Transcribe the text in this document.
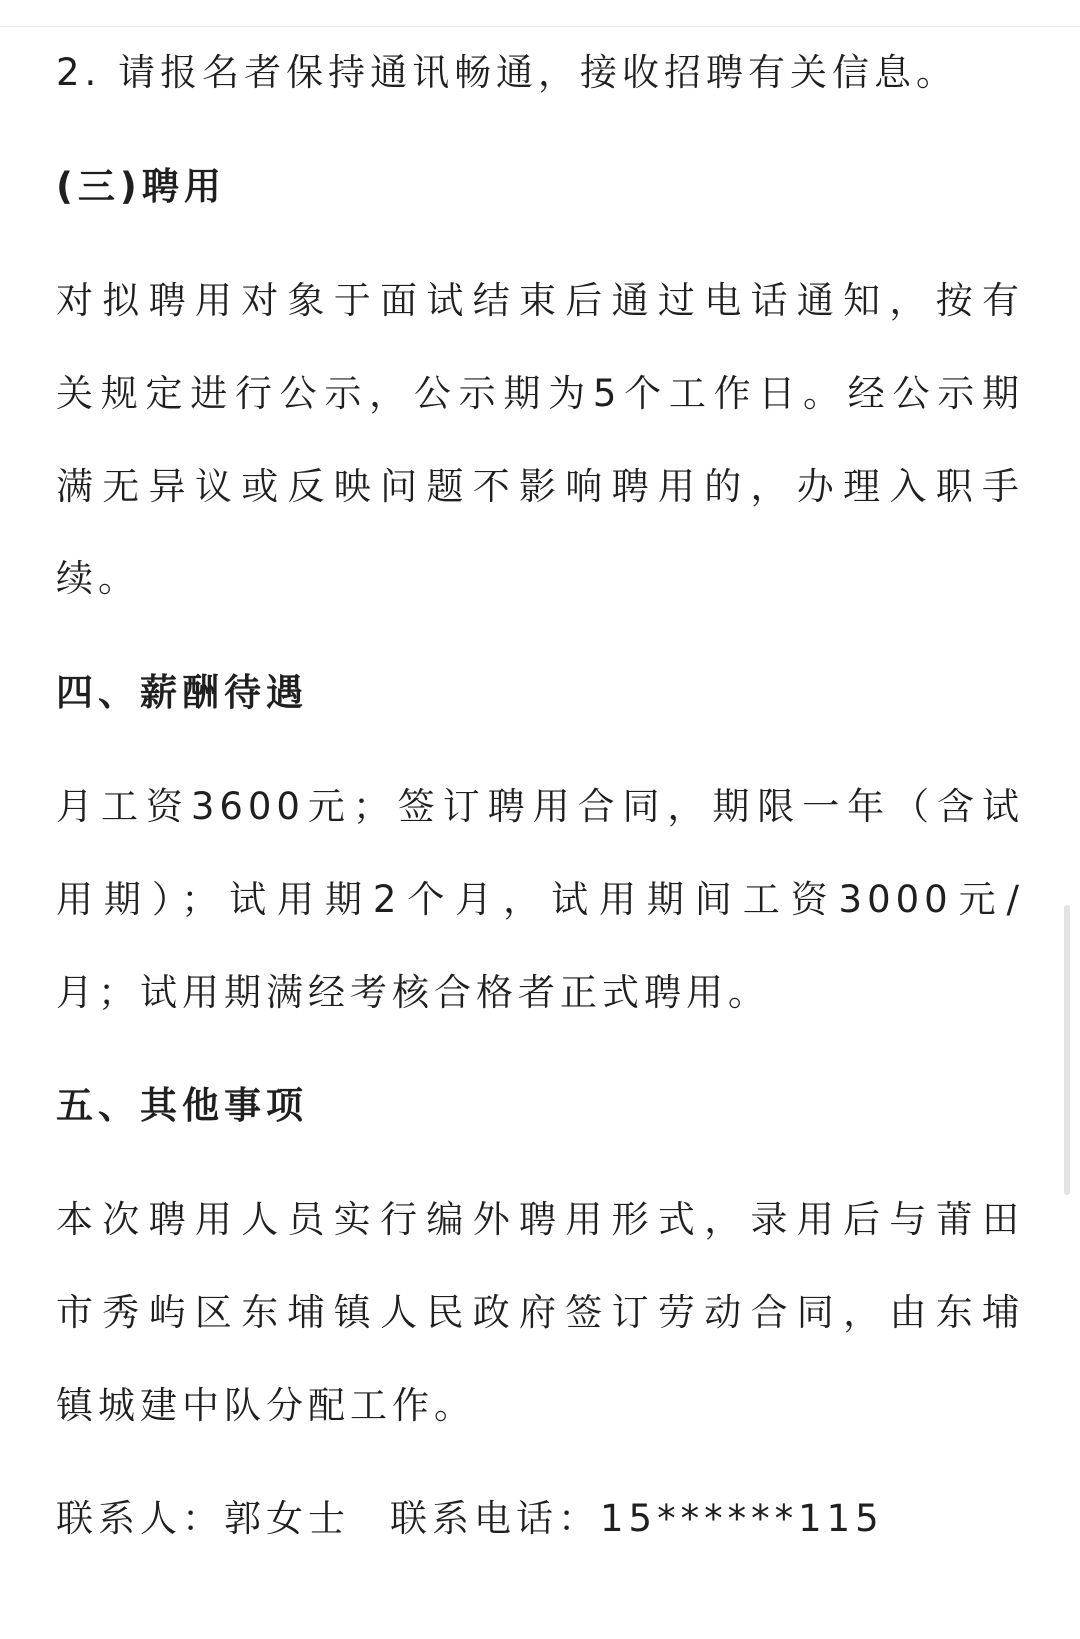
2. 请报名者保持通讯畅通，接收招聘有关信息。
(三)聘用
对拟聘用对象于面试结束后通过电话通知，按有
关规定进行公示，公示期为5个工作日。经公示期
满无异议或反映问题不影响聘用的，办理入职手
续。
四、薪酬待遇
月工资3600元；签订聘用合同，期限一年（含试
用期）；试用期2个月，试用期间工资3000元/
月；试用期满经考核合格者正式聘用。
五、其他事项
本次聘用人员实行编外聘用形式，录用后与莆田
市秀屿区东埔镇人民政府签订劳动合同，由东埔
镇城建中队分配工作。
联系人：郭女士 联系电话：15******115
